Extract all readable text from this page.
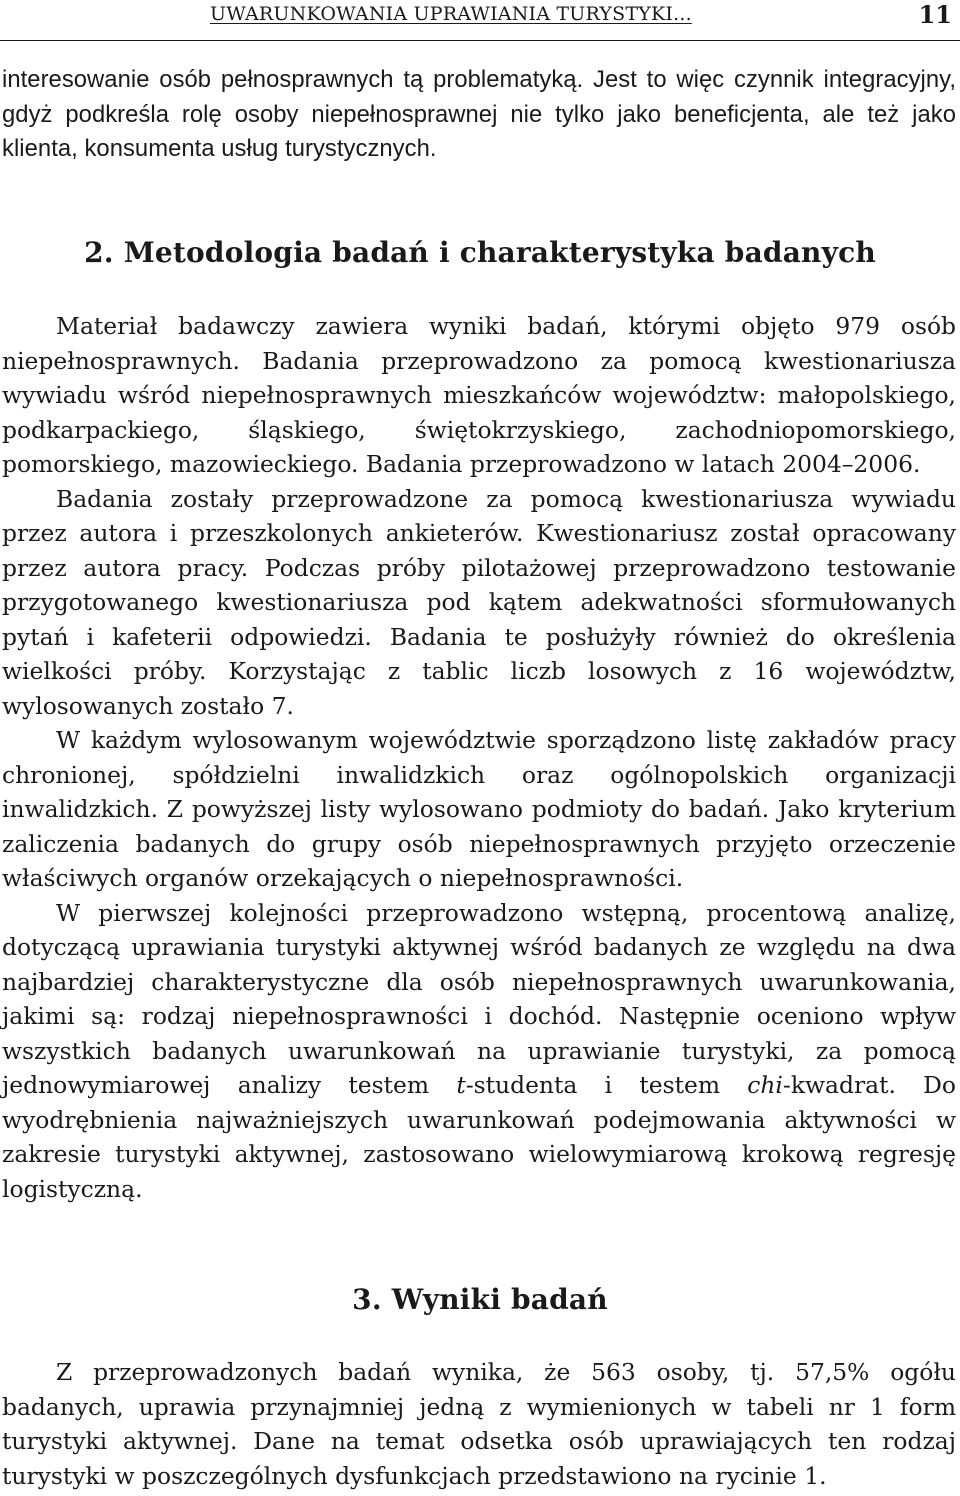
UWARUNKOWANIA UPRAWIANIA TURYSTYKI...	11

interesowanie osób pełnosprawnych tą problematyką. Jest to więc czynnik integracyjny, gdyż podkreśla rolę osoby niepełnosprawnej nie tylko jako beneficjenta, ale też jako klienta, konsumenta usług turystycznych.

2. Metodologia badań i charakterystyka badanych

Materiał badawczy zawiera wyniki badań, którymi objęto 979 osób niepełnosprawnych. Badania przeprowadzono za pomocą kwestionariusza wywiadu wśród niepełnosprawnych mieszkańców województw: małopolskiego, podkarpackiego, śląskiego, świętokrzyskiego, zachodniopomorskiego, pomorskiego, mazowieckiego. Badania przeprowadzono w latach 2004–2006.

Badania zostały przeprowadzone za pomocą kwestionariusza wywiadu przez autora i przeszkolonych ankieterów. Kwestionariusz został opracowany przez autora pracy. Podczas próby pilotażowej przeprowadzono testowanie przygotowanego kwestionariusza pod kątem adekwatności sformułowanych pytań i kafeterii odpowiedzi. Badania te posłużyły również do określenia wielkości próby. Korzystając z tablic liczb losowych z 16 województw, wylosowanych zostało 7.

W każdym wylosowanym województwie sporządzono listę zakładów pracy chronionej, spółdzielni inwalidzkich oraz ogólnopolskich organizacji inwalidzkich. Z powyższej listy wylosowano podmioty do badań. Jako kryterium zaliczenia badanych do grupy osób niepełnosprawnych przyjęto orzeczenie właściwych organów orzekających o niepełnosprawności.

W pierwszej kolejności przeprowadzono wstępną, procentową analizę, dotyczącą uprawiania turystyki aktywnej wśród badanych ze względu na dwa najbardziej charakterystyczne dla osób niepełnosprawnych uwarunkowania, jakimi są: rodzaj niepełnosprawności i dochód. Następnie oceniono wpływ wszystkich badanych uwarunkowań na uprawianie turystyki, za pomocą jednowymiarowej analizy testem t-studenta i testem chi-kwadrat. Do wyodrębnienia najważniejszych uwarunkowań podejmowania aktywności w zakresie turystyki aktywnej, zastosowano wielowymiarową krokową regresję logistyczną.

3. Wyniki badań

Z przeprowadzonych badań wynika, że 563 osoby, tj. 57,5% ogółu badanych, uprawia przynajmniej jedną z wymienionych w tabeli nr 1 form turystyki aktywnej. Dane na temat odsetka osób uprawiających ten rodzaj turystyki w poszczególnych dysfunkcjach przedstawiono na rycinie 1.
